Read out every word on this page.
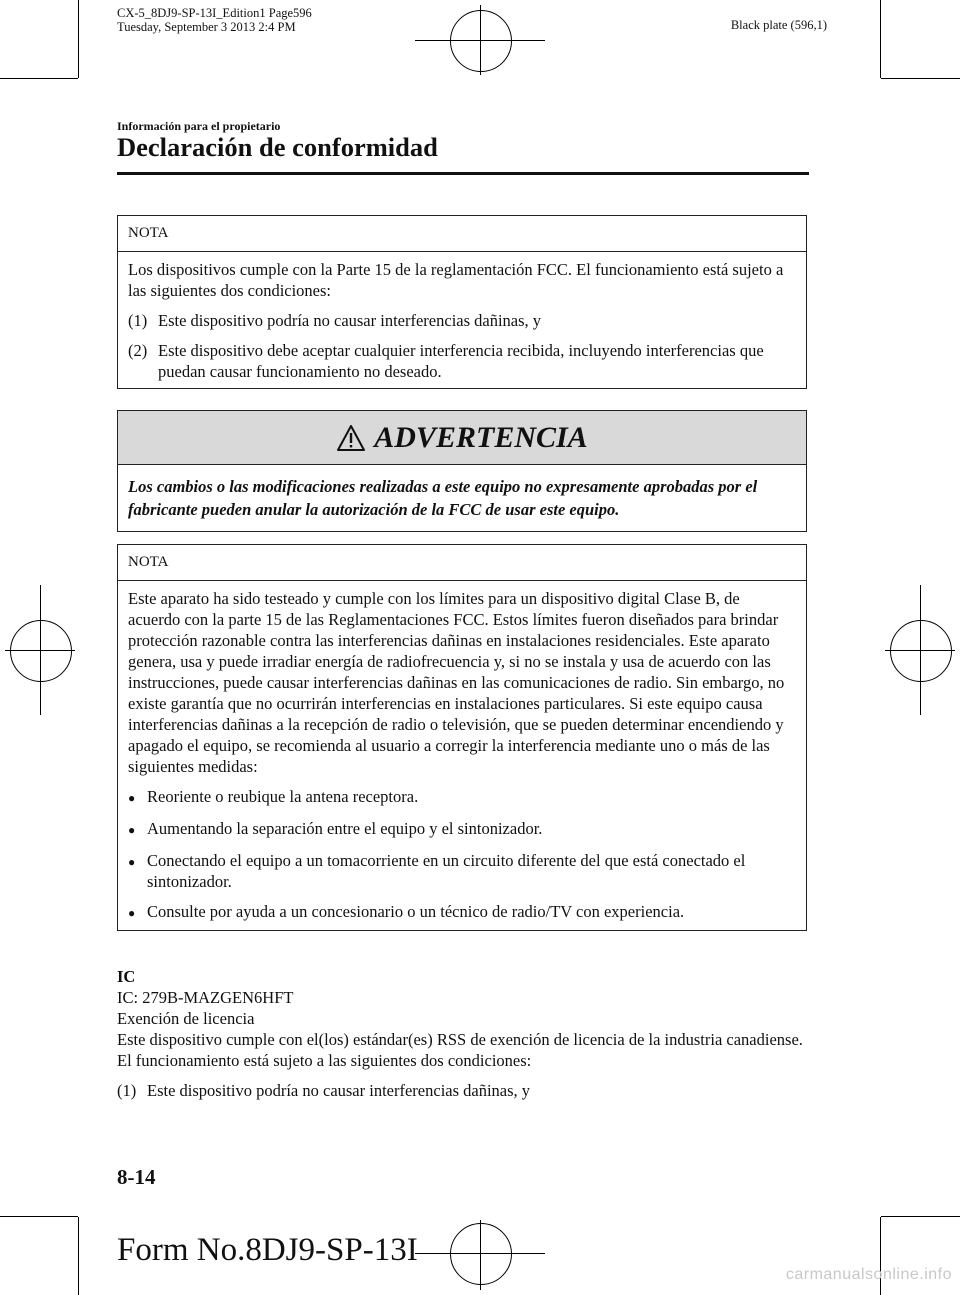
CX-5_8DJ9-SP-13I_Edition1 Page596
Tuesday, September 3 2013 2:4 PM	Black plate (596,1)
Información para el propietario
Declaración de conformidad
NOTA

Los dispositivos cumple con la Parte 15 de la reglamentación FCC. El funcionamiento está sujeto a las siguientes dos condiciones:

(1) Este dispositivo podría no causar interferencias dañinas, y

(2) Este dispositivo debe aceptar cualquier interferencia recibida, incluyendo interferencias que puedan causar funcionamiento no deseado.

ADVERTENCIA
Los cambios o las modificaciones realizadas a este equipo no expresamente aprobadas por el fabricante pueden anular la autorización de la FCC de usar este equipo.
NOTA

Este aparato ha sido testeado y cumple con los límites para un dispositivo digital Clase B, de acuerdo con la parte 15 de las Reglamentaciones FCC. Estos límites fueron diseñados para brindar protección razonable contra las interferencias dañinas en instalaciones residenciales. Este aparato genera, usa y puede irradiar energía de radiofrecuencia y, si no se instala y usa de acuerdo con las instrucciones, puede causar interferencias dañinas en las comunicaciones de radio. Sin embargo, no existe garantía que no ocurrirán interferencias en instalaciones particulares. Si este equipo causa interferencias dañinas a la recepción de radio o televisión, que se pueden determinar encendiendo y apagado el equipo, se recomienda al usuario a corregir la interferencia mediante uno o más de las siguientes medidas:

● Reoriente o reubique la antena receptora.

● Aumentando la separación entre el equipo y el sintonizador.

● Conectando el equipo a un tomacorriente en un circuito diferente del que está conectado el sintonizador.

● Consulte por ayuda a un concesionario o un técnico de radio/TV con experiencia.

IC
IC: 279B-MAZGEN6HFT
Exención de licencia
Este dispositivo cumple con el(los) estándar(es) RSS de exención de licencia de la industria canadiense. El funcionamiento está sujeto a las siguientes dos condiciones:
(1) Este dispositivo podría no causar interferencias dañinas, y
8-14
Form No.8DJ9-SP-13I
carmanualsonline.info
